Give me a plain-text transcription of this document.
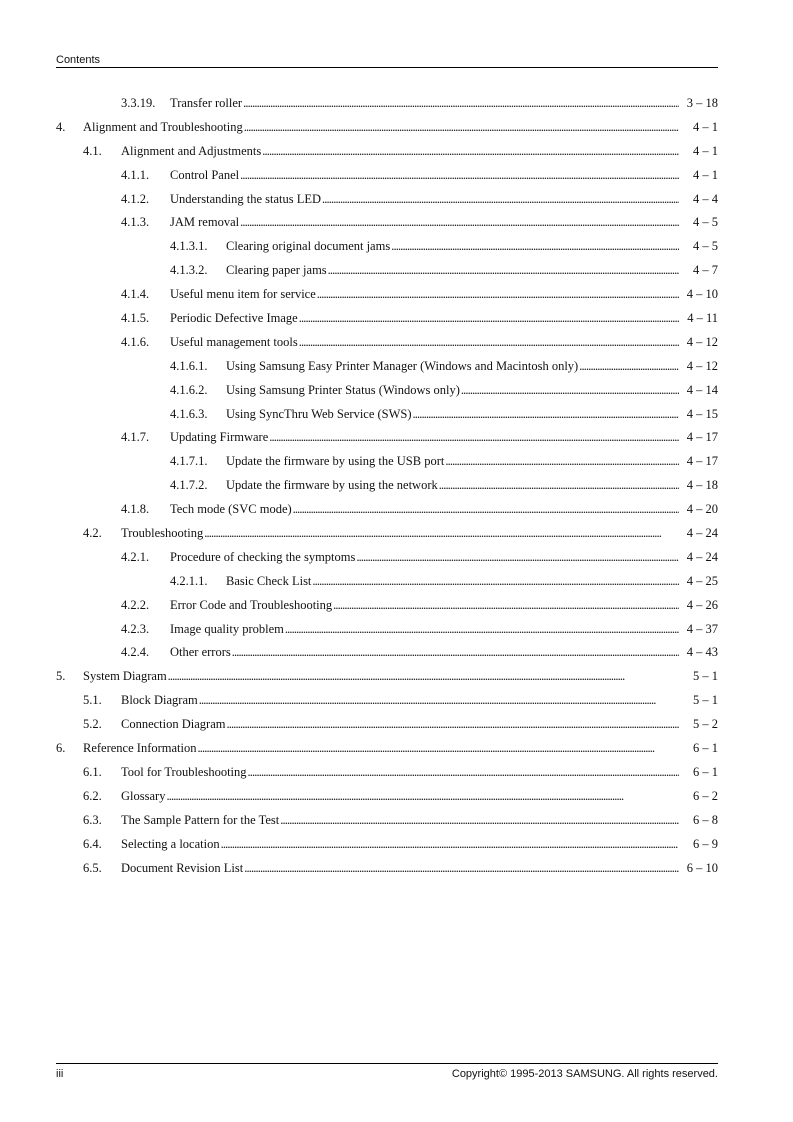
Contents
3.3.19.	Transfer roller . . .	3 – 18
4.	Alignment and Troubleshooting . . .	4 – 1
4.1.	Alignment and Adjustments . . .	4 – 1
4.1.1.	Control Panel . . .	4 – 1
4.1.2.	Understanding the status LED . . .	4 – 4
4.1.3.	JAM removal . . .	4 – 5
4.1.3.1.	Clearing original document jams . . .	4 – 5
4.1.3.2.	Clearing paper jams . . .	4 – 7
4.1.4.	Useful menu item for service . . .	4 – 10
4.1.5.	Periodic Defective Image . . .	4 – 11
4.1.6.	Useful management tools . . .	4 – 12
4.1.6.1.	Using Samsung Easy Printer Manager (Windows and Macintosh only) . . .	4 – 12
4.1.6.2.	Using Samsung Printer Status (Windows only) . . .	4 – 14
4.1.6.3.	Using SyncThru Web Service (SWS) . . .	4 – 15
4.1.7.	Updating Firmware . . .	4 – 17
4.1.7.1.	Update the firmware by using the USB port . . .	4 – 17
4.1.7.2.	Update the firmware by using the network . . .	4 – 18
4.1.8.	Tech mode (SVC mode) . . .	4 – 20
4.2.	Troubleshooting . . .	4 – 24
4.2.1.	Procedure of checking the symptoms . . .	4 – 24
4.2.1.1.	Basic Check List . . .	4 – 25
4.2.2.	Error Code and Troubleshooting . . .	4 – 26
4.2.3.	Image quality problem . . .	4 – 37
4.2.4.	Other errors . . .	4 – 43
5.	System Diagram . . .	5 – 1
5.1.	Block Diagram . . .	5 – 1
5.2.	Connection Diagram . . .	5 – 2
6.	Reference Information . . .	6 – 1
6.1.	Tool for Troubleshooting . . .	6 – 1
6.2.	Glossary . . .	6 – 2
6.3.	The Sample Pattern for the Test . . .	6 – 8
6.4.	Selecting a location . . .	6 – 9
6.5.	Document Revision List . . .	6 – 10
iii	Copyright© 1995-2013 SAMSUNG. All rights reserved.
